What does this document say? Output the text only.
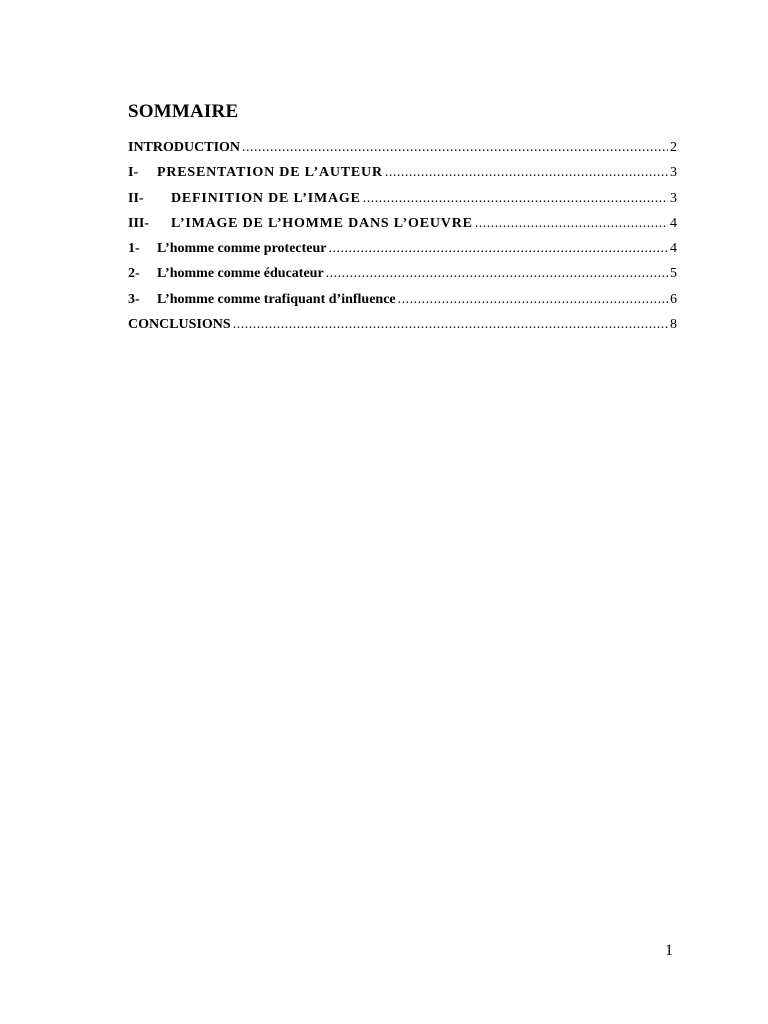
SOMMAIRE
INTRODUCTION .....	2
I-	PRESENTATION DE L’AUTEUR .....	3
II-	DEFINITION DE L’IMAGE .....	3
III-	L’IMAGE DE L’HOMME DANS L’OEUVRE .....	4
1-	L’homme comme protecteur .....	4
2-	L’homme comme éducateur .....	5
3-	L’homme comme trafiquant d’influence .....	6
CONCLUSIONS .....	8
1
